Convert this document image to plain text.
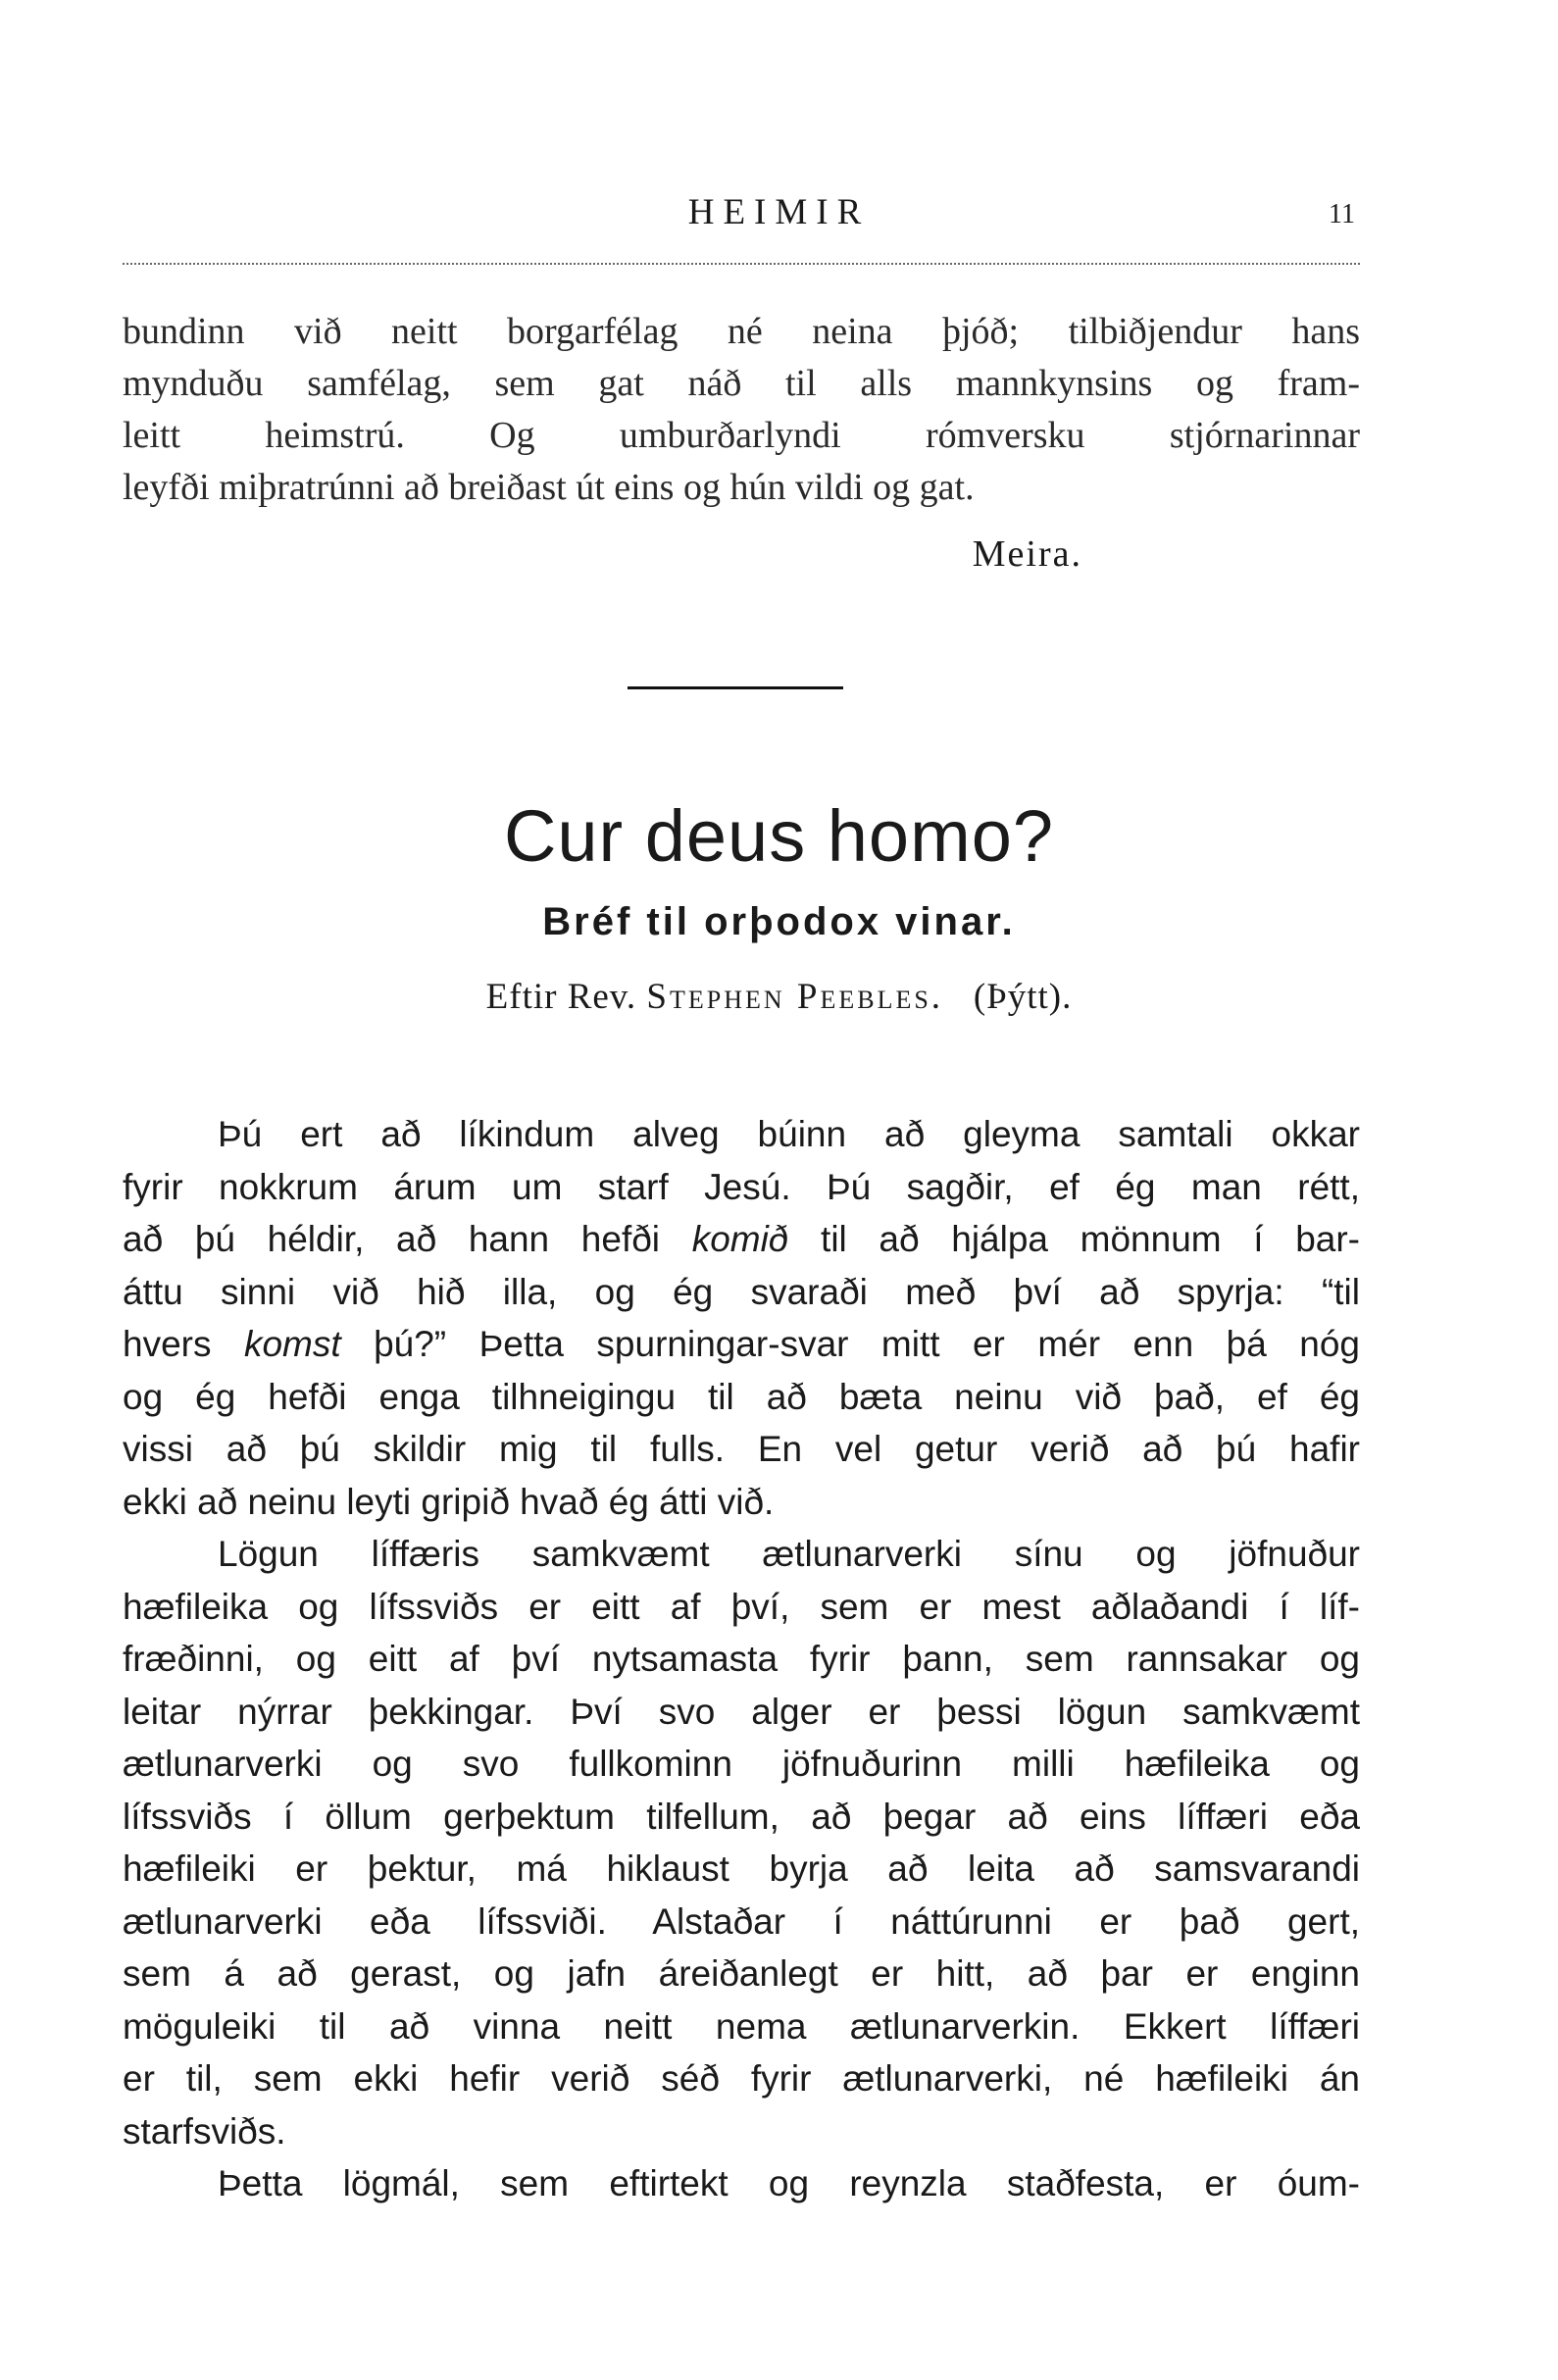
HEIMIR	11
bundinn við neitt borgarfélag né neina þjóð; tilbiðjendur hans
mynduðu samfélag, sem gat náð til alls mannkynsins og fram-
leitt heimstrú. Og umburðarlyndi rómversku stjórnarinnar
leyfði miþratrúnni að breiðast út eins og hún vildi og gat.
Meira.
Cur deus homo?
Bréf til orþodox vinar.
Eftir Rev. Stephen Peebles. (Þýtt).
Þú ert að líkindum alveg búinn að gleyma samtali okkar
fyrir nokkrum árum um starf Jesú. Þú sagðir, ef ég man rétt,
að þú héldir, að hann hefði komið til að hjálpa mönnum í bar-
áttu sinni við hið illa, og ég svaraði með því að spyrja: “til
hvers komst þú?” Þetta spurningar-svar mitt er mér enn þá nóg
og ég hefði enga tilhneigingu til að bæta neinu við það, ef ég
vissi að þú skildir mig til fulls. En vel getur verið að þú hafir
ekki að neinu leyti gripið hvað ég átti við.
Lögun líffæris samkvæmt ætlunarverki sínu og jöfnuður
hæfileika og lífssviðs er eitt af því, sem er mest aðlaðandi í líf-
fræðinni, og eitt af því nytsamasta fyrir þann, sem rannsakar og
leitar nýrrar þekkingar. Því svo alger er þessi lögun samkvæmt
ætlunarverki og svo fullkominn jöfnuðurinn milli hæfileika og
lífssviðs í öllum gerþektum tilfellum, að þegar að eins líffæri eða
hæfileiki er þektur, má hiklaust byrja að leita að samsvarandi
ætlunarverki eða lífssviði. Alstaðar í náttúrunni er það gert,
sem á að gerast, og jafn áreiðanlegt er hitt, að þar er enginn
möguleiki til að vinna neitt nema ætlunarverkin. Ekkert líffæri
er til, sem ekki hefir verið séð fyrir ætlunarverki, né hæfileiki án
starfsviðs.
Þetta lögmál, sem eftirtekt og reynzla staðfesta, er óum-
